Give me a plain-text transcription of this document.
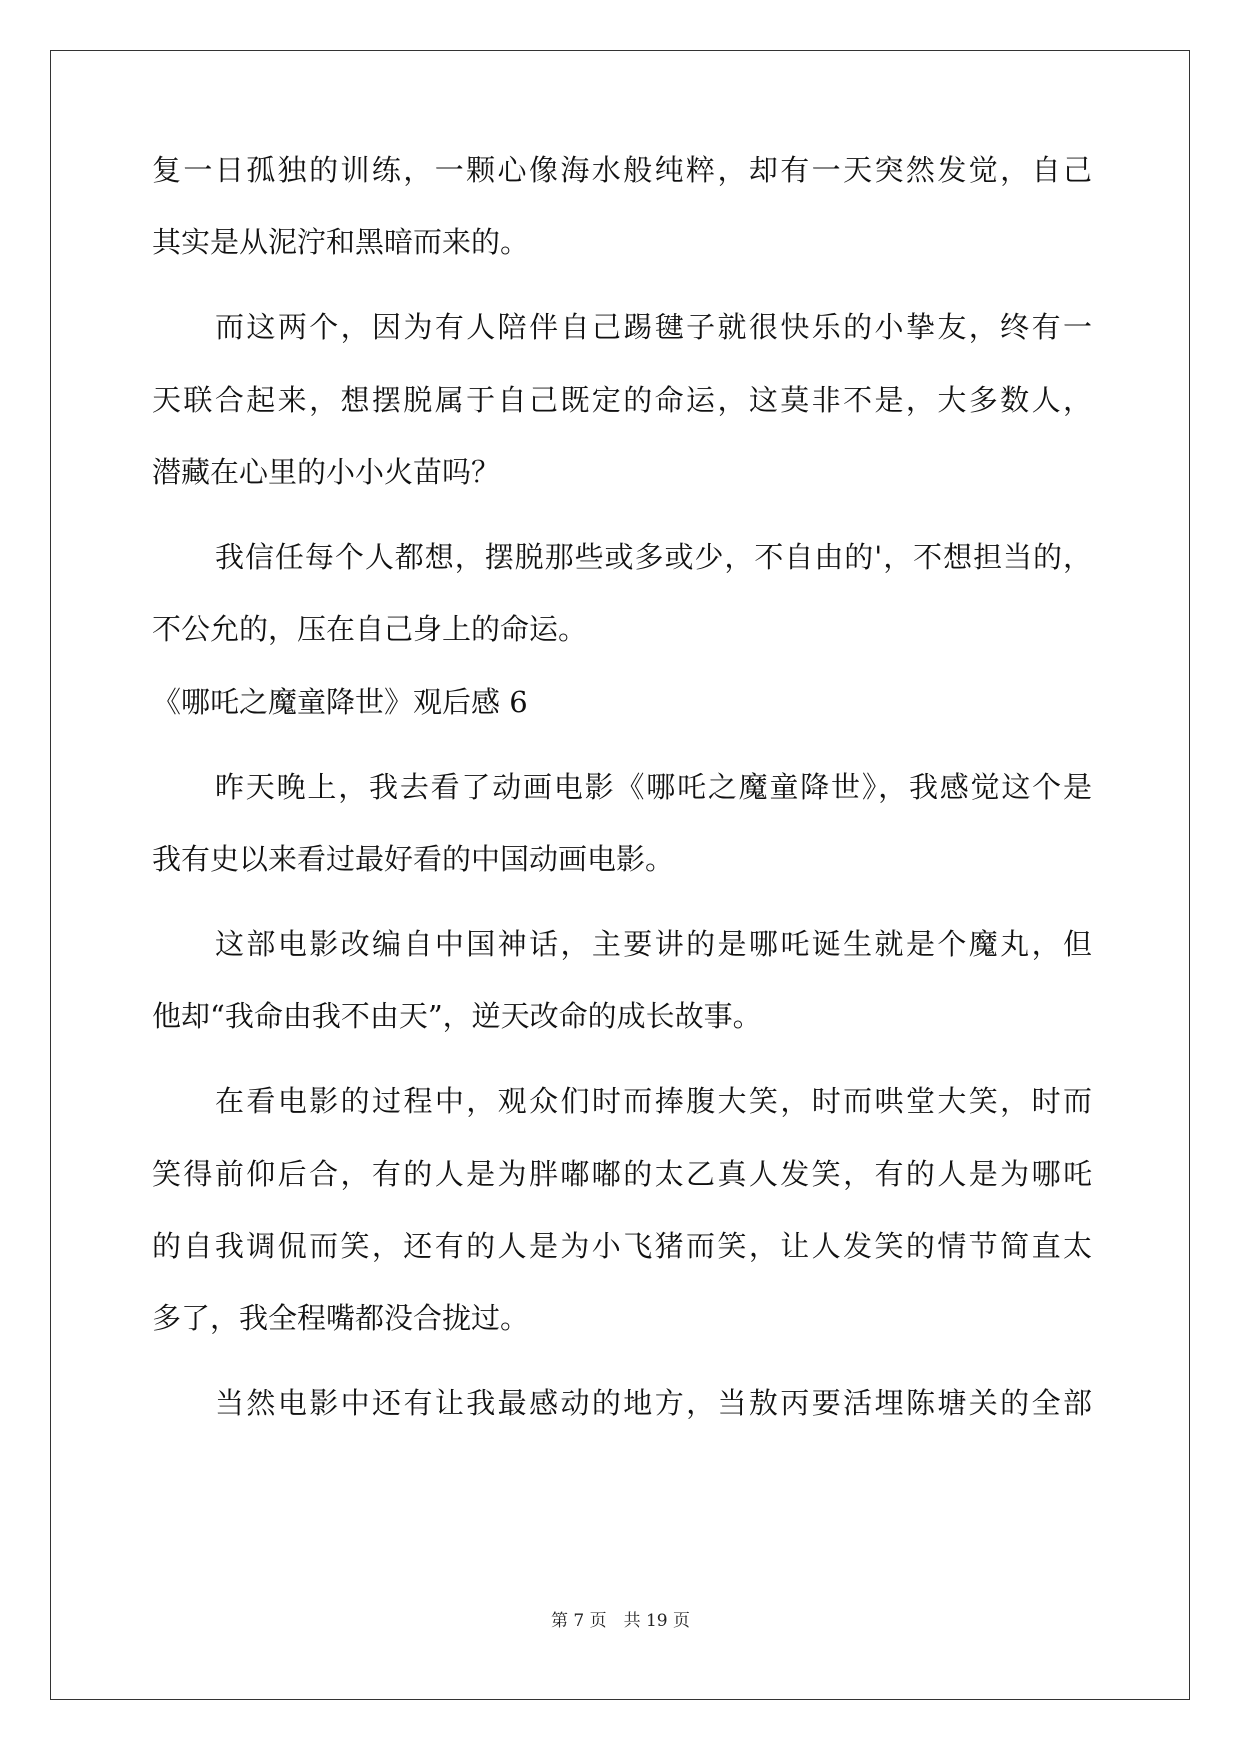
复一日孤独的训练，一颗心像海水般纯粹，却有一天突然发觉，自己
其实是从泥泞和黑暗而来的。
而这两个，因为有人陪伴自己踢毽子就很快乐的小挚友，终有一
天联合起来，想摆脱属于自己既定的命运，这莫非不是，大多数人，
潜藏在心里的小小火苗吗？
我信任每个人都想，摆脱那些或多或少，不自由的'，不想担当的，
不公允的，压在自己身上的命运。
《哪吒之魔童降世》观后感 6
昨天晚上，我去看了动画电影《哪吒之魔童降世》，我感觉这个是
我有史以来看过最好看的中国动画电影。
这部电影改编自中国神话，主要讲的是哪吒诞生就是个魔丸，但
他却“我命由我不由天”，逆天改命的成长故事。
在看电影的过程中，观众们时而捧腹大笑，时而哄堂大笑，时而
笑得前仰后合，有的人是为胖嘟嘟的太乙真人发笑，有的人是为哪吒
的自我调侃而笑，还有的人是为小飞猪而笑，让人发笑的情节简直太
多了，我全程嘴都没合拢过。
当然电影中还有让我最感动的地方，当敖丙要活埋陈塘关的全部
第 7 页　共 19 页
